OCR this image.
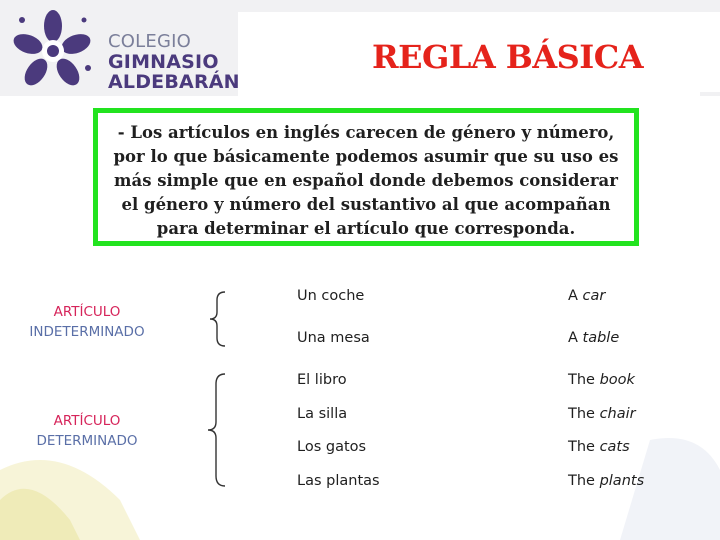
COLEGIO
GIMNASIO
ALDEBARÁN
REGLA BÁSICA
- Los artículos en inglés carecen de género y número, por lo que básicamente podemos asumir que su uso es más simple que en español donde debemos considerar el género y número del sustantivo al que acompañan para determinar el artículo que corresponda.
ARTÍCULO
INDETERMINADO
ARTÍCULO
DETERMINADO
Un coche	A car
Una mesa	A table
El libro	The book
La silla	The chair
Los gatos	The cats
Las plantas	The plants
